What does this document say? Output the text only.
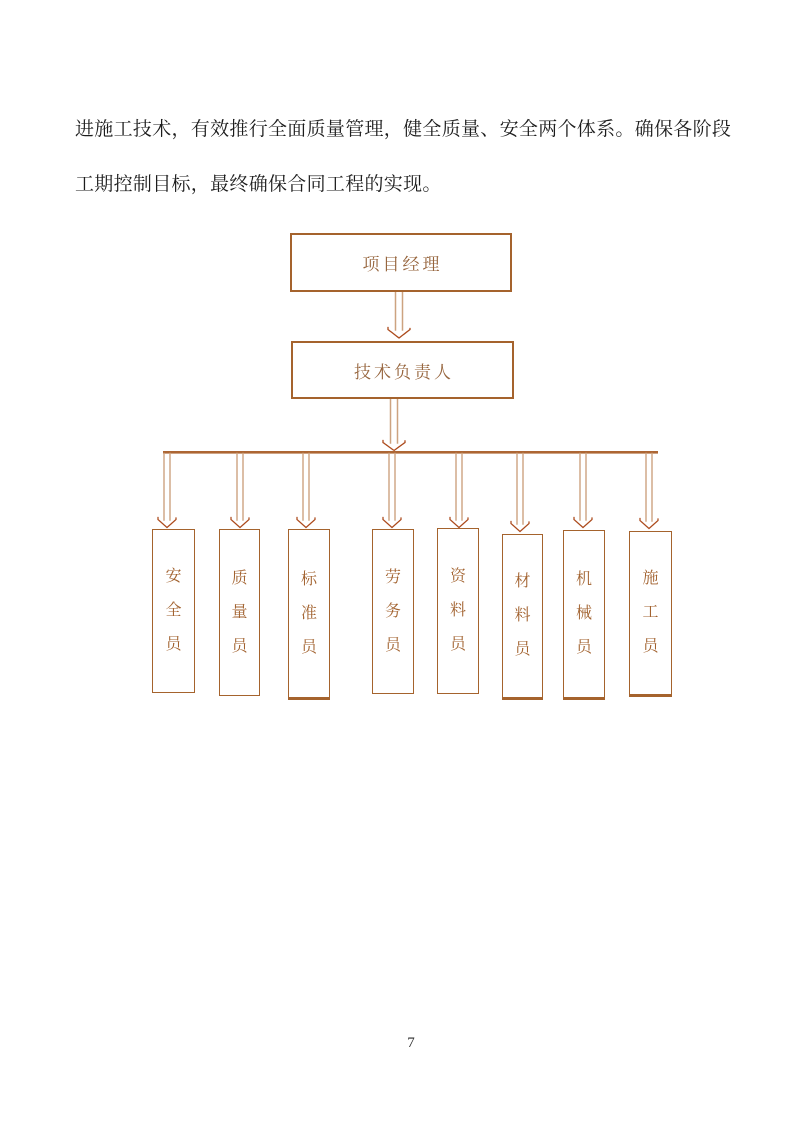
进施工技术，有效推行全面质量管理，健全质量、安全两个体系。确保各阶段
工期控制目标，最终确保合同工程的实现。
项目经理
技术负责人
安全员
质量员
标准员
劳务员
资料员
材料员
机械员
施工员
7
